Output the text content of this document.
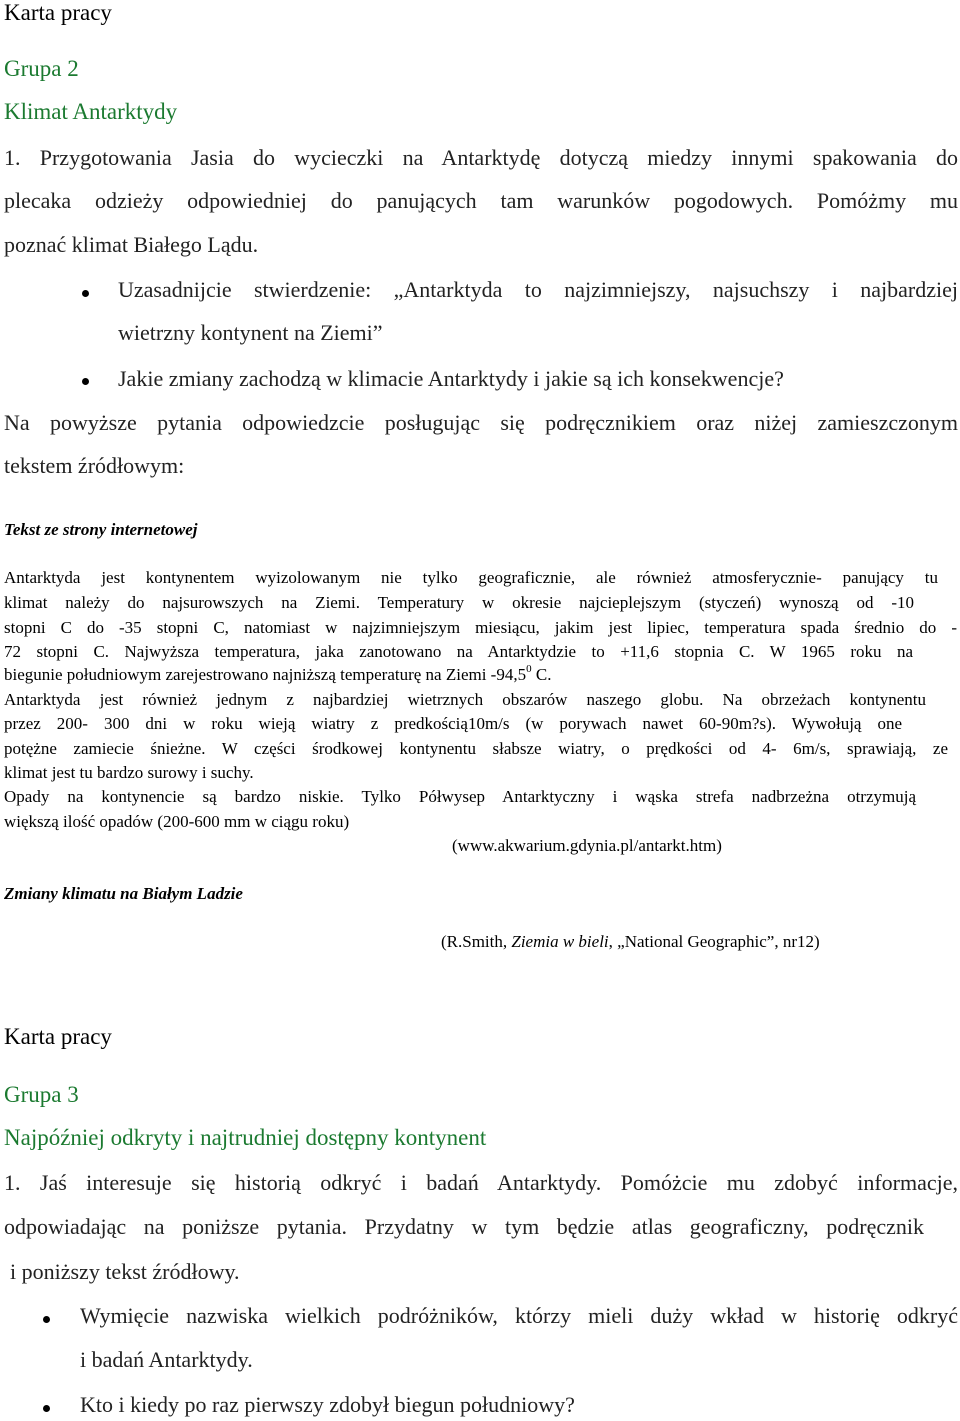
Karta pracy
Grupa 2
Klimat Antarktydy

1. Przygotowania Jasia do wycieczki na Antarktydę dotyczą miedzy innymi spakowania do

plecaka odzieży odpowiedniej do panujących tam warunków pogodowych. Pomóżmy mu

poznać klimat Białego Lądu.

Uzasadnijcie stwierdzenie: „Antarktyda to najzimniejszy, najsuchszy i najbardziej

wietrzny kontynent na Ziemi”

Jakie zmiany zachodzą w klimacie Antarktydy i jakie są ich konsekwencje?

Na powyższe pytania odpowiedzcie posługując się podręcznikiem oraz niżej zamieszczonym

tekstem źródłowym:

Tekst ze strony internetowej

Antarktyda jest kontynentem wyizolowanym nie tylko geograficznie, ale również atmosferycznie- panujący tu

klimat należy do najsurowszych na Ziemi. Temperatury w okresie najcieplejszym (styczeń) wynoszą od -10

stopni C do -35 stopni C, natomiast w najzimniejszym miesiącu, jakim jest lipiec, temperatura spada średnio do -

72 stopni C. Najwyższa temperatura, jaka zanotowano na Antarktydzie to +11,6 stopnia C. W 1965 roku na

biegunie południowym zarejestrowano najniższą temperaturę na Ziemi -94,5$^0$ C.

Antarktyda jest również jednym z najbardziej wietrznych obszarów naszego globu. Na obrzeżach kontynentu

przez 200- 300 dni w roku wieją wiatry z predkością10m/s (w porywach nawet 60-90m?s). Wywołują one

potężne zamiecie śnieżne. W części środkowej kontynentu słabsze wiatry, o prędkości od 4- 6m/s, sprawiają, ze

klimat jest tu bardzo surowy i suchy.

Opady na kontynencie są bardzo niskie. Tylko Półwysep Antarktyczny i wąska strefa nadbrzeżna otrzymują

większą ilość opadów (200-600 mm w ciągu roku)

(www.akwarium.gdynia.pl/antarkt.htm)

Zmiany klimatu na Białym Ladzie

(R.Smith, Ziemia w bieli, „National Geographic”, nr12)

Karta pracy
Grupa 3
Najpóźniej odkryty i najtrudniej dostępny kontynent

1. Jaś interesuje się historią odkryć i badań Antarktydy. Pomóżcie mu zdobyć informacje,

odpowiadając na poniższe pytania. Przydatny w tym będzie atlas geograficzny, podręcznik

i poniższy tekst źródłowy.

Wymięcie nazwiska wielkich podróżników, którzy mieli duży wkład w historię odkryć

i badań Antarktydy.

Kto i kiedy po raz pierwszy zdobył biegun południowy?
